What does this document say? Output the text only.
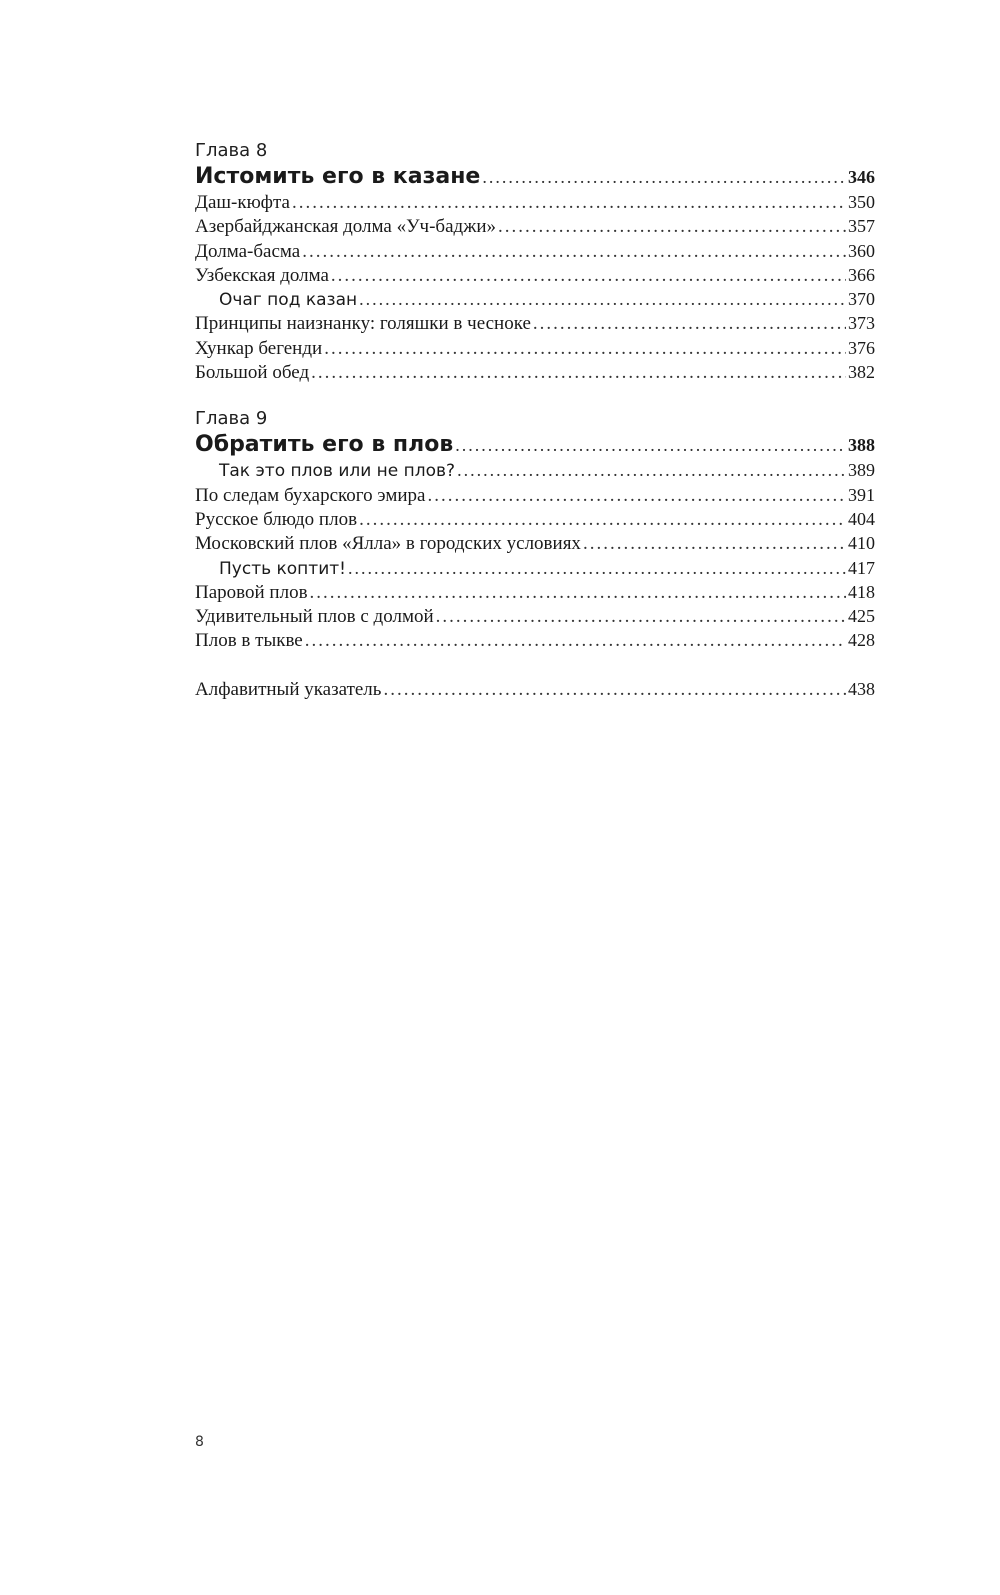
Глава 8
Истомить его в казане .....	346
Даш-кюфта .....	350
Азербайджанская долма «Уч-баджи» .....	357
Долма-басма .....	360
Узбекская долма .....	366
Очаг под казан .....	370
Принципы наизнанку: голяшки в чесноке .....	373
Хункар бегенди .....	376
Большой обед .....	382
Глава 9
Обратить его в плов .....	388
Так это плов или не плов? .....	389
По следам бухарского эмира .....	391
Русское блюдо плов .....	404
Московский плов «Ялла» в городских условиях .....	410
Пусть коптит! .....	417
Паровой плов .....	418
Удивительный плов с долмой .....	425
Плов в тыкве .....	428
Алфавитный указатель .....	438
8
